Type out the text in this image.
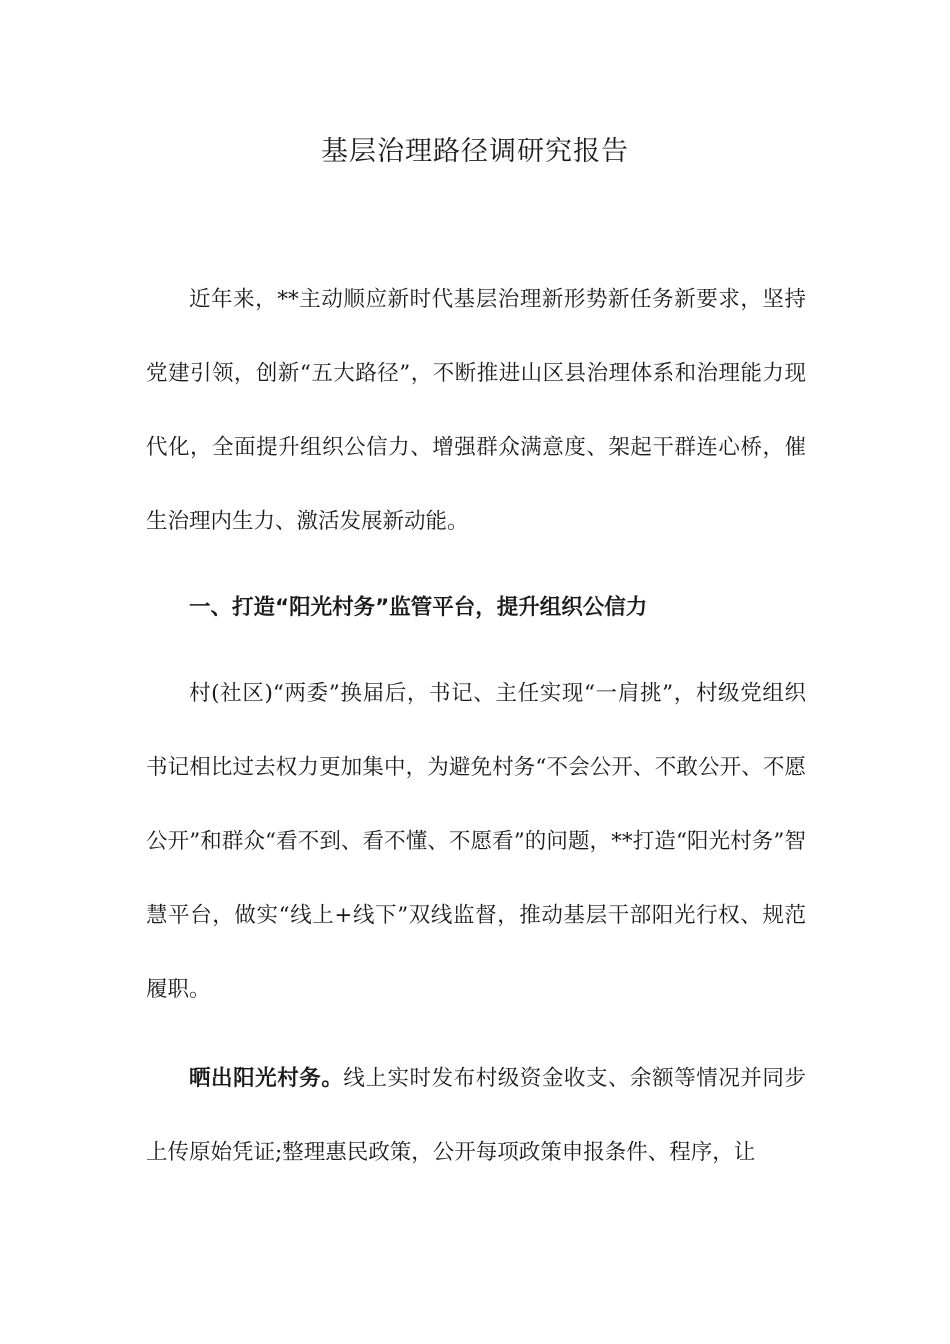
基层治理路径调研究报告

近年来，**主动顺应新时代基层治理新形势新任务新要求，坚持党建引领，创新“五大路径”，不断推进山区县治理体系和治理能力现代化，全面提升组织公信力、增强群众满意度、架起干群连心桥，催生治理内生力、激活发展新动能。

一、打造“阳光村务”监管平台，提升组织公信力

村(社区)“两委”换届后，书记、主任实现“一肩挑”，村级党组织书记相比过去权力更加集中，为避免村务“不会公开、不敢公开、不愿公开”和群众“看不到、看不懂、不愿看”的问题，**打造“阳光村务”智慧平台，做实“线上+线下”双线监督，推动基层干部阳光行权、规范履职。

晒出阳光村务。线上实时发布村级资金收支、余额等情况并同步上传原始凭证;整理惠民政策，公开每项政策申报条件、程序，让
